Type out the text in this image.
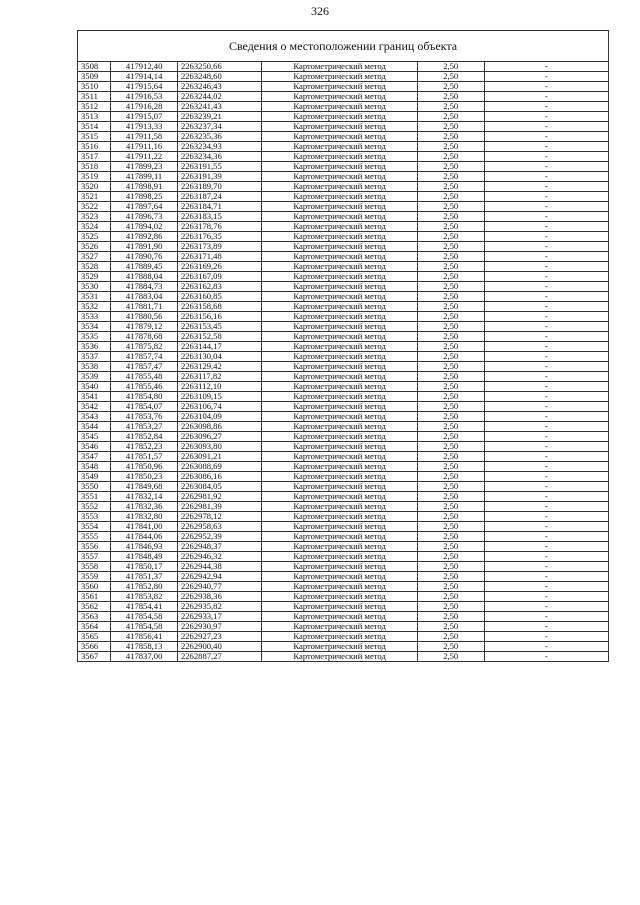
326
Сведения о местоположении границ объекта					
3508	417912,40	2263250,66	Картометрический метод	2,50	-
3509	417914,14	2263248,60	Картометрический метод	2,50	-
3510	417915,64	2263246,43	Картометрический метод	2,50	-
3511	417916,53	2263244,02	Картометрический метод	2,50	-
3512	417916,28	2263241,43	Картометрический метод	2,50	-
3513	417915,07	2263239,21	Картометрический метод	2,50	-
3514	417913,33	2263237,34	Картометрический метод	2,50	-
3515	417911,58	2263235,36	Картометрический метод	2,50	-
3516	417911,16	2263234,93	Картометрический метод	2,50	-
3517	417911,22	2263234,36	Картометрический метод	2,50	-
3518	417899,23	2263191,55	Картометрический метод	2,50	-
3519	417899,11	2263191,39	Картометрический метод	2,50	-
3520	417898,91	2263189,70	Картометрический метод	2,50	-
3521	417898,25	2263187,24	Картометрический метод	2,50	-
3522	417897,64	2263184,71	Картометрический метод	2,50	-
3523	417896,73	2263183,15	Картометрический метод	2,50	-
3524	417894,02	2263178,76	Картометрический метод	2,50	-
3525	417892,86	2263176,35	Картометрический метод	2,50	-
3526	417891,90	2263173,89	Картометрический метод	2,50	-
3527	417890,76	2263171,48	Картометрический метод	2,50	-
3528	417889,45	2263169,26	Картометрический метод	2,50	-
3529	417888,04	2263167,09	Картометрический метод	2,50	-
3530	417884,73	2263162,83	Картометрический метод	2,50	-
3531	417883,04	2263160,85	Картометрический метод	2,50	-
3532	417881,71	2263158,68	Картометрический метод	2,50	-
3533	417880,56	2263156,16	Картометрический метод	2,50	-
3534	417879,12	2263153,45	Картометрический метод	2,50	-
3535	417878,68	2263152,58	Картометрический метод	2,50	-
3536	417875,82	2263144,17	Картометрический метод	2,50	-
3537	417857,74	2263130,04	Картометрический метод	2,50	-
3538	417857,47	2263129,42	Картометрический метод	2,50	-
3539	417855,48	2263117,82	Картометрический метод	2,50	-
3540	417855,46	2263112,10	Картометрический метод	2,50	-
3541	417854,80	2263109,15	Картометрический метод	2,50	-
3542	417854,07	2263106,74	Картометрический метод	2,50	-
3543	417853,76	2263104,09	Картометрический метод	2,50	-
3544	417853,27	2263098,86	Картометрический метод	2,50	-
3545	417852,84	2263096,27	Картометрический метод	2,50	-
3546	417852,23	2263093,80	Картометрический метод	2,50	-
3547	417851,57	2263091,21	Картометрический метод	2,50	-
3548	417850,96	2263088,69	Картометрический метод	2,50	-
3549	417850,23	2263086,16	Картометрический метод	2,50	-
3550	417849,68	2263084,05	Картометрический метод	2,50	-
3551	417832,14	2262981,92	Картометрический метод	2,50	-
3552	417832,36	2262981,39	Картометрический метод	2,50	-
3553	417832,80	2262978,12	Картометрический метод	2,50	-
3554	417841,00	2262958,63	Картометрический метод	2,50	-
3555	417844,06	2262952,39	Картометрический метод	2,50	-
3556	417846,93	2262948,37	Картометрический метод	2,50	-
3557	417848,49	2262946,32	Картометрический метод	2,50	-
3558	417850,17	2262944,38	Картометрический метод	2,50	-
3559	417851,37	2262942,94	Картометрический метод	2,50	-
3560	417852,80	2262940,77	Картометрический метод	2,50	-
3561	417853,82	2262938,36	Картометрический метод	2,50	-
3562	417854,41	2262935,82	Картометрический метод	2,50	-
3563	417854,58	2262933,17	Картометрический метод	2,50	-
3564	417854,58	2262930,97	Картометрический метод	2,50	-
3565	417856,41	2262927,23	Картометрический метод	2,50	-
3566	417858,13	2262900,40	Картометрический метод	2,50	-
3567	417837,00	2262887,27	Картометрический метод	2,50	-
